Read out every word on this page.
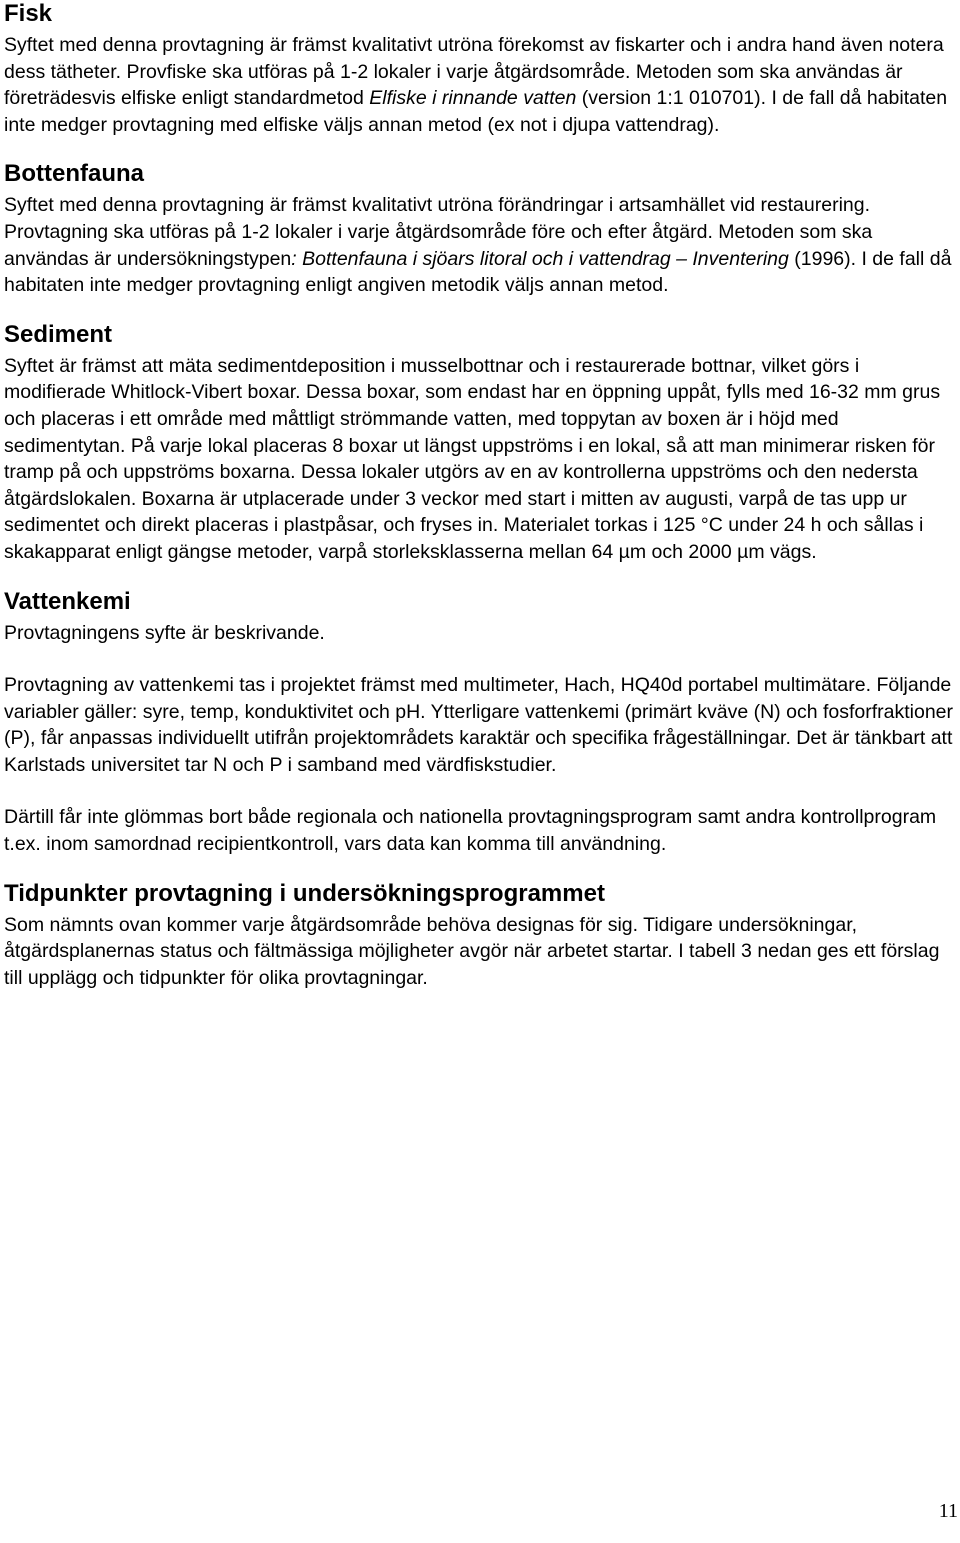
Fisk

Syftet med denna provtagning är främst kvalitativt utröna förekomst av fiskarter och i andra hand även notera dess tätheter. Provfiske ska utföras på 1-2 lokaler i varje åtgärdsområde. Metoden som ska användas är företrädesvis elfiske enligt standardmetod Elfiske i rinnande vatten (version 1:1 010701). I de fall då habitaten inte medger provtagning med elfiske väljs annan metod (ex not i djupa vattendrag).

Bottenfauna

Syftet med denna provtagning är främst kvalitativt utröna förändringar i artsamhället vid restaurering. Provtagning ska utföras på 1-2 lokaler i varje åtgärdsområde före och efter åtgärd. Metoden som ska användas är undersökningstypen: Bottenfauna i sjöars litoral och i vattendrag – Inventering (1996). I de fall då habitaten inte medger provtagning enligt angiven metodik väljs annan metod.

Sediment

Syftet är främst att mäta sedimentdeposition i musselbottnar och i restaurerade bottnar, vilket görs i modifierade Whitlock-Vibert boxar. Dessa boxar, som endast har en öppning uppåt, fylls med 16-32 mm grus och placeras i ett område med måttligt strömmande vatten, med toppytan av boxen är i höjd med sedimentytan. På varje lokal placeras 8 boxar ut längst uppströms i en lokal, så att man minimerar risken för tramp på och uppströms boxarna. Dessa lokaler utgörs av en av kontrollerna uppströms och den nedersta åtgärdslokalen. Boxarna är utplacerade under 3 veckor med start i mitten av augusti, varpå de tas upp ur sedimentet och direkt placeras i plastpåsar, och fryses in. Materialet torkas i 125 °C under 24 h och sållas i skakapparat enligt gängse metoder, varpå storleksklasserna mellan 64 µm och 2000 µm vägs.

Vattenkemi

Provtagningens syfte är beskrivande.

Provtagning av vattenkemi tas i projektet främst med multimeter, Hach, HQ40d portabel multimätare. Följande variabler gäller: syre, temp, konduktivitet och pH. Ytterligare vattenkemi (primärt kväve (N) och fosforfraktioner (P), får anpassas individuellt utifrån projektområdets karaktär och specifika frågeställningar. Det är tänkbart att Karlstads universitet tar N och P i samband med värdfiskstudier.

Därtill får inte glömmas bort både regionala och nationella provtagningsprogram samt andra kontrollprogram t.ex. inom samordnad recipientkontroll, vars data kan komma till användning.

Tidpunkter provtagning i undersökningsprogrammet

Som nämnts ovan kommer varje åtgärdsområde behöva designas för sig. Tidigare undersökningar, åtgärdsplanernas status och fältmässiga möjligheter avgör när arbetet startar. I tabell 3 nedan ges ett förslag till upplägg och tidpunkter för olika provtagningar.

11
